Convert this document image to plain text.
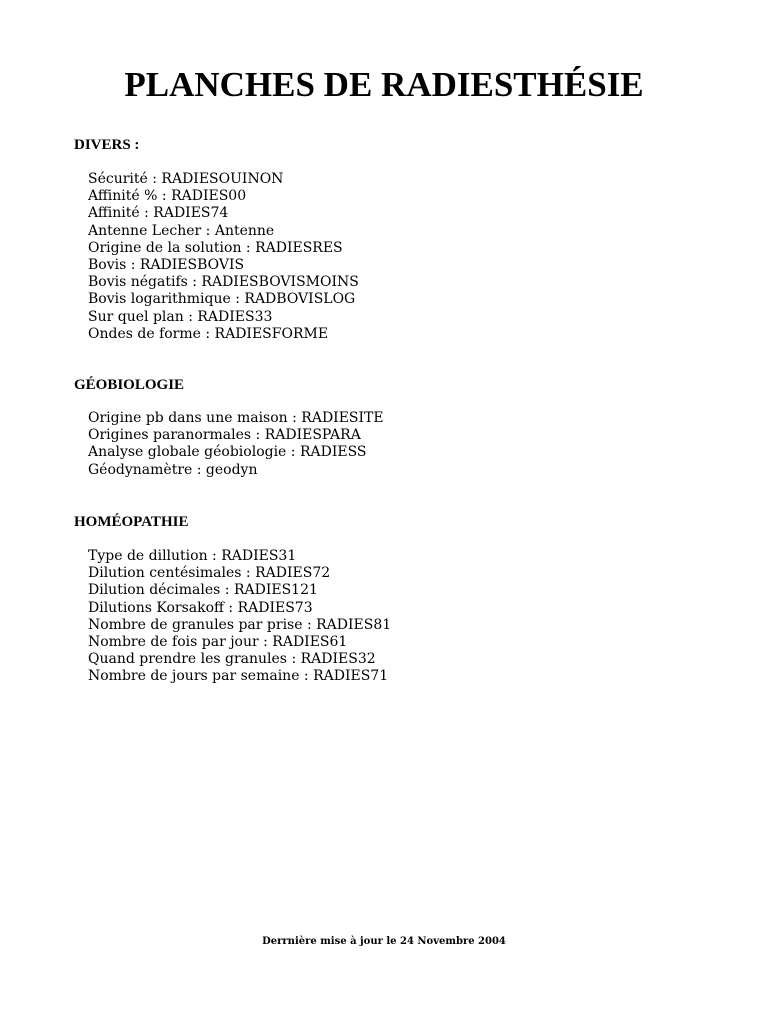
PLANCHES DE RADIESTHÉSIE
DIVERS :
Sécurité : RADIESOUINON
Affinité % : RADIES00
Affinité : RADIES74
Antenne Lecher : Antenne
Origine de la solution : RADIESRES
Bovis : RADIESBOVIS
Bovis négatifs : RADIESBOVISMOINS
Bovis logarithmique : RADBOVISLOG
Sur quel plan : RADIES33
Ondes de forme : RADIESFORME
GÉOBIOLOGIE
Origine pb dans une maison : RADIESITE
Origines paranormales : RADIESPARA
Analyse globale géobiologie : RADIESS
Géodynamètre : geodyn
HOMÉOPATHIE
Type de dillution : RADIES31
Dilution centésimales : RADIES72
Dilution décimales : RADIES121
Dilutions Korsakoff : RADIES73
Nombre de granules par prise : RADIES81
Nombre de fois par jour : RADIES61
Quand prendre les granules : RADIES32
Nombre de jours par semaine : RADIES71
Derrnière mise à jour le 24 Novembre 2004
